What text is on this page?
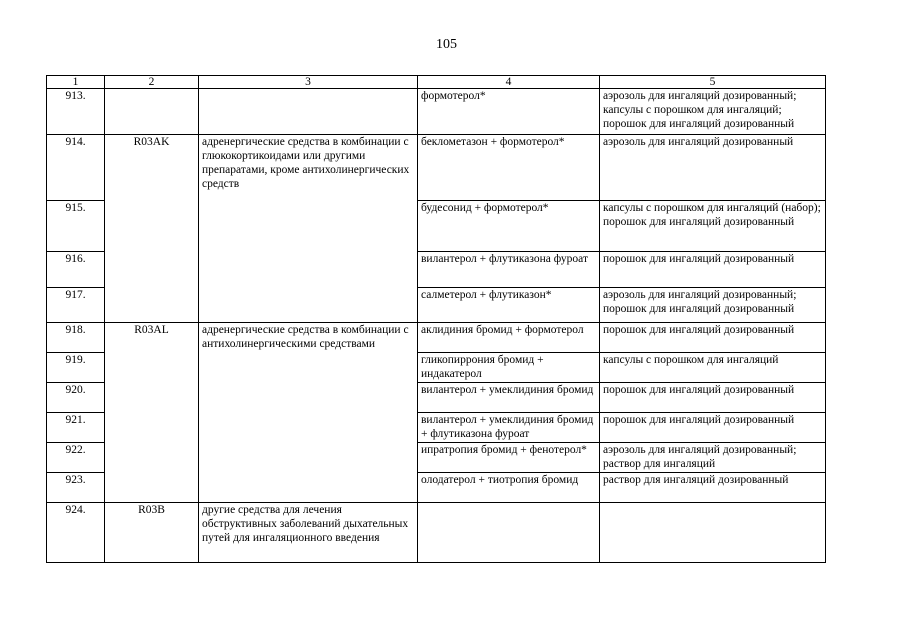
105
1	2	3	4	5
913.			формотерол*	аэрозоль для ингаляций дозированный;
капсулы с порошком для ингаляций;
порошок для ингаляций дозированный

914.	R03AK	адренергические средства в комбинации с глюкокортикоидами или другими препаратами, кроме антихолинергических средств	беклометазон + формотерол*	аэрозоль для ингаляций дозированный

915.			будесонид + формотерол*	капсулы с порошком для ингаляций (набор);
порошок для ингаляций дозированный

916.			вилантерол + флутиказона фуроат	порошок для ингаляций дозированный

917.			салметерол + флутиказон*	аэрозоль для ингаляций дозированный;
порошок для ингаляций дозированный

918.	R03AL	адренергические средства в комбинации с антихолинергическими средствами	аклидиния бромид + формотерол	порошок для ингаляций дозированный

919.			гликопиррония бромид + индакатерол	капсулы с порошком для ингаляций

920.			вилантерол + умеклидиния бромид	порошок для ингаляций дозированный

921.			вилантерол + умеклидиния бромид + флутиказона фуроат	порошок для ингаляций дозированный

922.			ипратропия бромид + фенотерол*	аэрозоль для ингаляций дозированный;
раствор для ингаляций

923.			олодатерол + тиотропия бромид	раствор для ингаляций дозированный

924.	R03B	другие средства для лечения обструктивных заболеваний дыхательных путей для ингаляционного введения		
